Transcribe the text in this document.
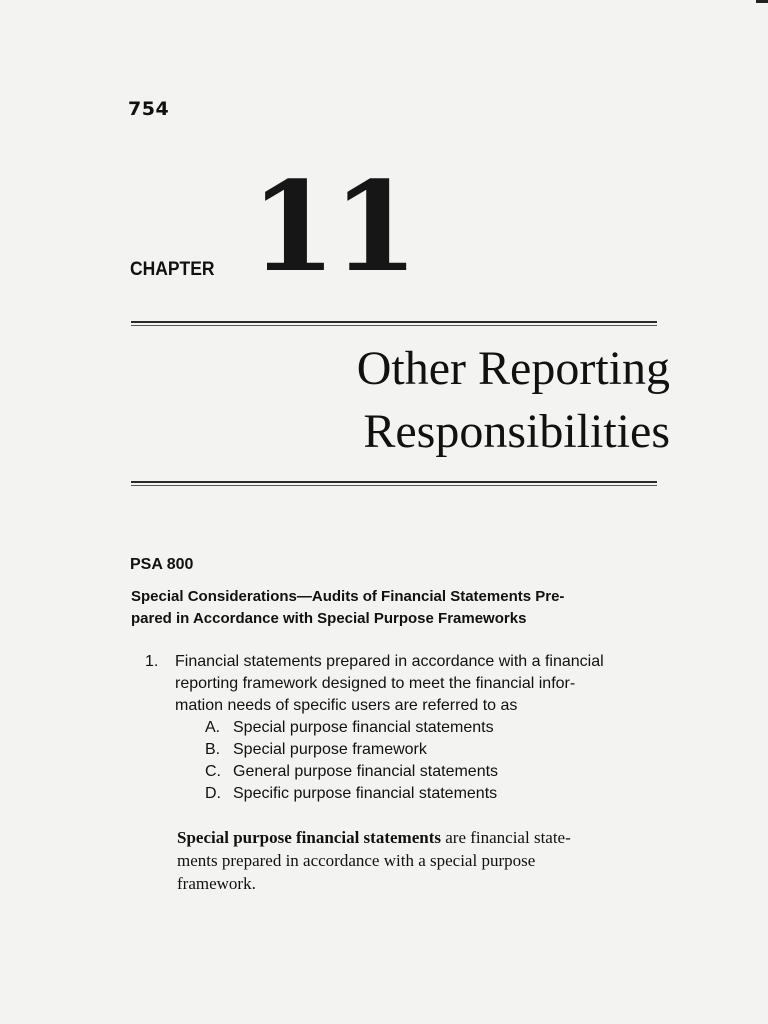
754
CHAPTER 11
Other Reporting
Responsibilities
PSA 800
Special Considerations—Audits of Financial Statements Pre-
pared in Accordance with Special Purpose Frameworks
1. Financial statements prepared in accordance with a financial
reporting framework designed to meet the financial infor-
mation needs of specific users are referred to as
A. Special purpose financial statements
B. Special purpose framework
C. General purpose financial statements
D. Specific purpose financial statements
Special purpose financial statements are financial state-
ments prepared in accordance with a special purpose
framework.
